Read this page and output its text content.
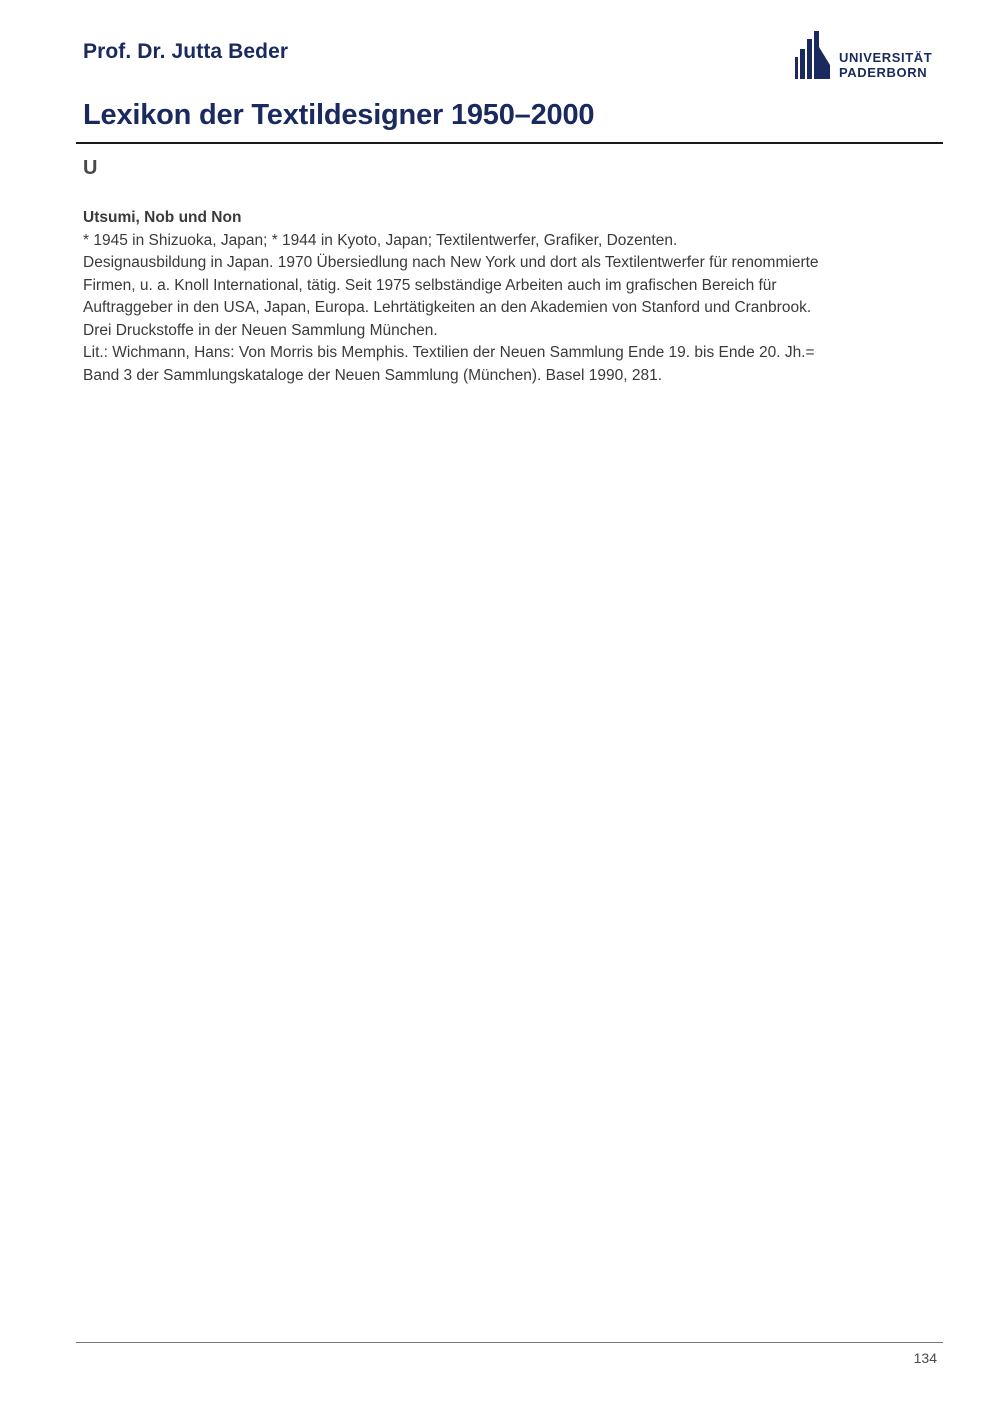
Prof. Dr. Jutta Beder	UNIVERSITÄT
PADERBORN
Lexikon der Textildesigner 1950–2000
U
Utsumi, Nob und Non
* 1945 in Shizuoka, Japan; * 1944 in Kyoto, Japan; Textilentwerfer, Grafiker, Dozenten.
Designausbildung in Japan. 1970 Übersiedlung nach New York und dort als Textilentwerfer für renommierte
Firmen, u. a. Knoll International, tätig. Seit 1975 selbständige Arbeiten auch im grafischen Bereich für
Auftraggeber in den USA, Japan, Europa. Lehrtätigkeiten an den Akademien von Stanford und Cranbrook.
Drei Druckstoffe in der Neuen Sammlung München.
Lit.: Wichmann, Hans: Von Morris bis Memphis. Textilien der Neuen Sammlung Ende 19. bis Ende 20. Jh.=
Band 3 der Sammlungskataloge der Neuen Sammlung (München). Basel 1990, 281.
134
